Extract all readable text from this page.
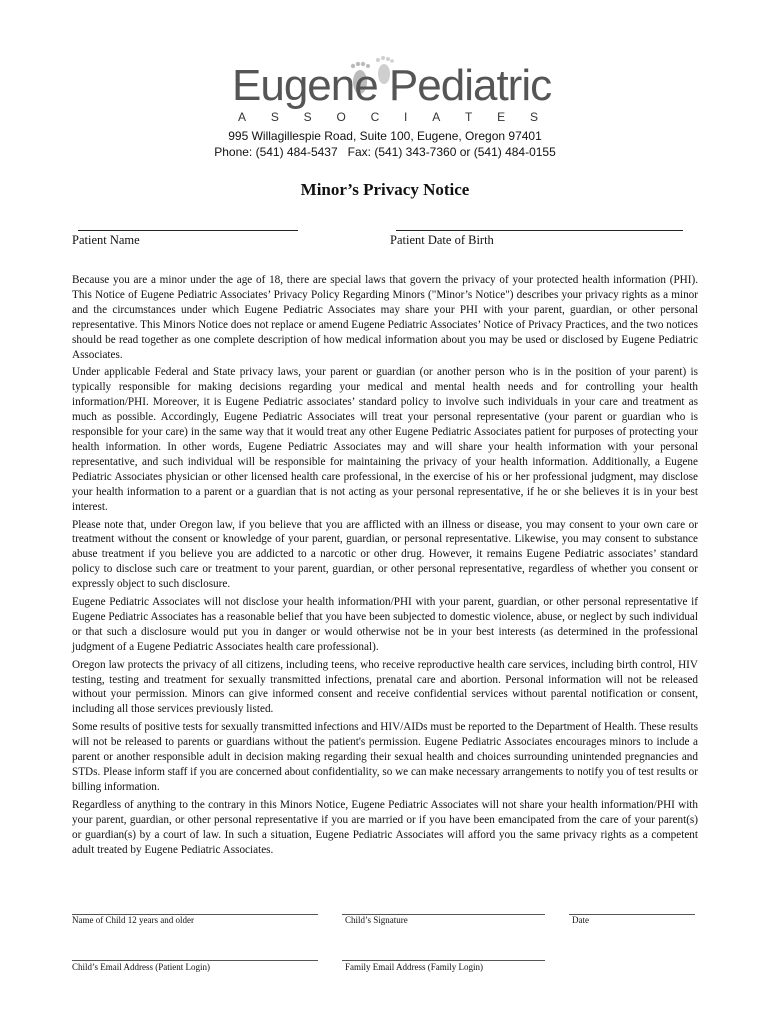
Eugene Pediatric
A S S O C I A T E S
995 Willagillespie Road, Suite 100, Eugene, Oregon 97401
Phone: (541) 484-5437   Fax: (541) 343-7360 or (541) 484-0155
Minor’s Privacy Notice
Patient Name	Patient Date of Birth

Because you are a minor under the age of 18, there are special laws that govern the privacy of your protected health information (PHI). This Notice of Eugene Pediatric Associates’ Privacy Policy Regarding Minors ("Minor’s Notice") describes your privacy rights as a minor and the circumstances under which Eugene Pediatric Associates may share your PHI with your parent, guardian, or other personal representative. This Minors Notice does not replace or amend Eugene Pediatric Associates’ Notice of Privacy Practices, and the two notices should be read together as one complete description of how medical information about you may be used or disclosed by Eugene Pediatric Associates.

Under applicable Federal and State privacy laws, your parent or guardian (or another person who is in the position of your parent) is typically responsible for making decisions regarding your medical and mental health needs and for controlling your health information/PHI. Moreover, it is Eugene Pediatric associates’ standard policy to involve such individuals in your care and treatment as much as possible. Accordingly, Eugene Pediatric Associates will treat your personal representative (your parent or guardian who is responsible for your care) in the same way that it would treat any other Eugene Pediatric Associates patient for purposes of protecting your health information. In other words, Eugene Pediatric Associates may and will share your health information with your personal representative, and such individual will be responsible for maintaining the privacy of your health information. Additionally, a Eugene Pediatric Associates physician or other licensed health care professional, in the exercise of his or her professional judgment, may disclose your health information to a parent or a guardian that is not acting as your personal representative, if he or she believes it is in your best interest.

Please note that, under Oregon law, if you believe that you are afflicted with an illness or disease, you may consent to your own care or treatment without the consent or knowledge of your parent, guardian, or personal representative. Likewise, you may consent to substance abuse treatment if you believe you are addicted to a narcotic or other drug. However, it remains Eugene Pediatric associates’ standard policy to disclose such care or treatment to your parent, guardian, or other personal representative, regardless of whether you consent or expressly object to such disclosure.

Eugene Pediatric Associates will not disclose your health information/PHI with your parent, guardian, or other personal representative if Eugene Pediatric Associates has a reasonable belief that you have been subjected to domestic violence, abuse, or neglect by such individual or that such a disclosure would put you in danger or would otherwise not be in your best interests (as determined in the professional judgment of a Eugene Pediatric Associates health care professional).

Oregon law protects the privacy of all citizens, including teens, who receive reproductive health care services, including birth control, HIV testing, testing and treatment for sexually transmitted infections, prenatal care and abortion. Personal information will not be released without your permission. Minors can give informed consent and receive confidential services without parental notification or consent, including all those services previously listed.

Some results of positive tests for sexually transmitted infections and HIV/AIDs must be reported to the Department of Health. These results will not be released to parents or guardians without the patient's permission. Eugene Pediatric Associates encourages minors to include a parent or another responsible adult in decision making regarding their sexual health and choices surrounding unintended pregnancies and STDs. Please inform staff if you are concerned about confidentiality, so we can make necessary arrangements to notify you of test results or billing information.

Regardless of anything to the contrary in this Minors Notice, Eugene Pediatric Associates will not share your health information/PHI with your parent, guardian, or other personal representative if you are married or if you have been emancipated from the care of your parent(s) or guardian(s) by a court of law. In such a situation, Eugene Pediatric Associates will afford you the same privacy rights as a competent adult treated by Eugene Pediatric Associates.

Name of Child 12 years and older	Child’s Signature	Date
Child’s Email Address (Patient Login)	Family Email Address (Family Login)
